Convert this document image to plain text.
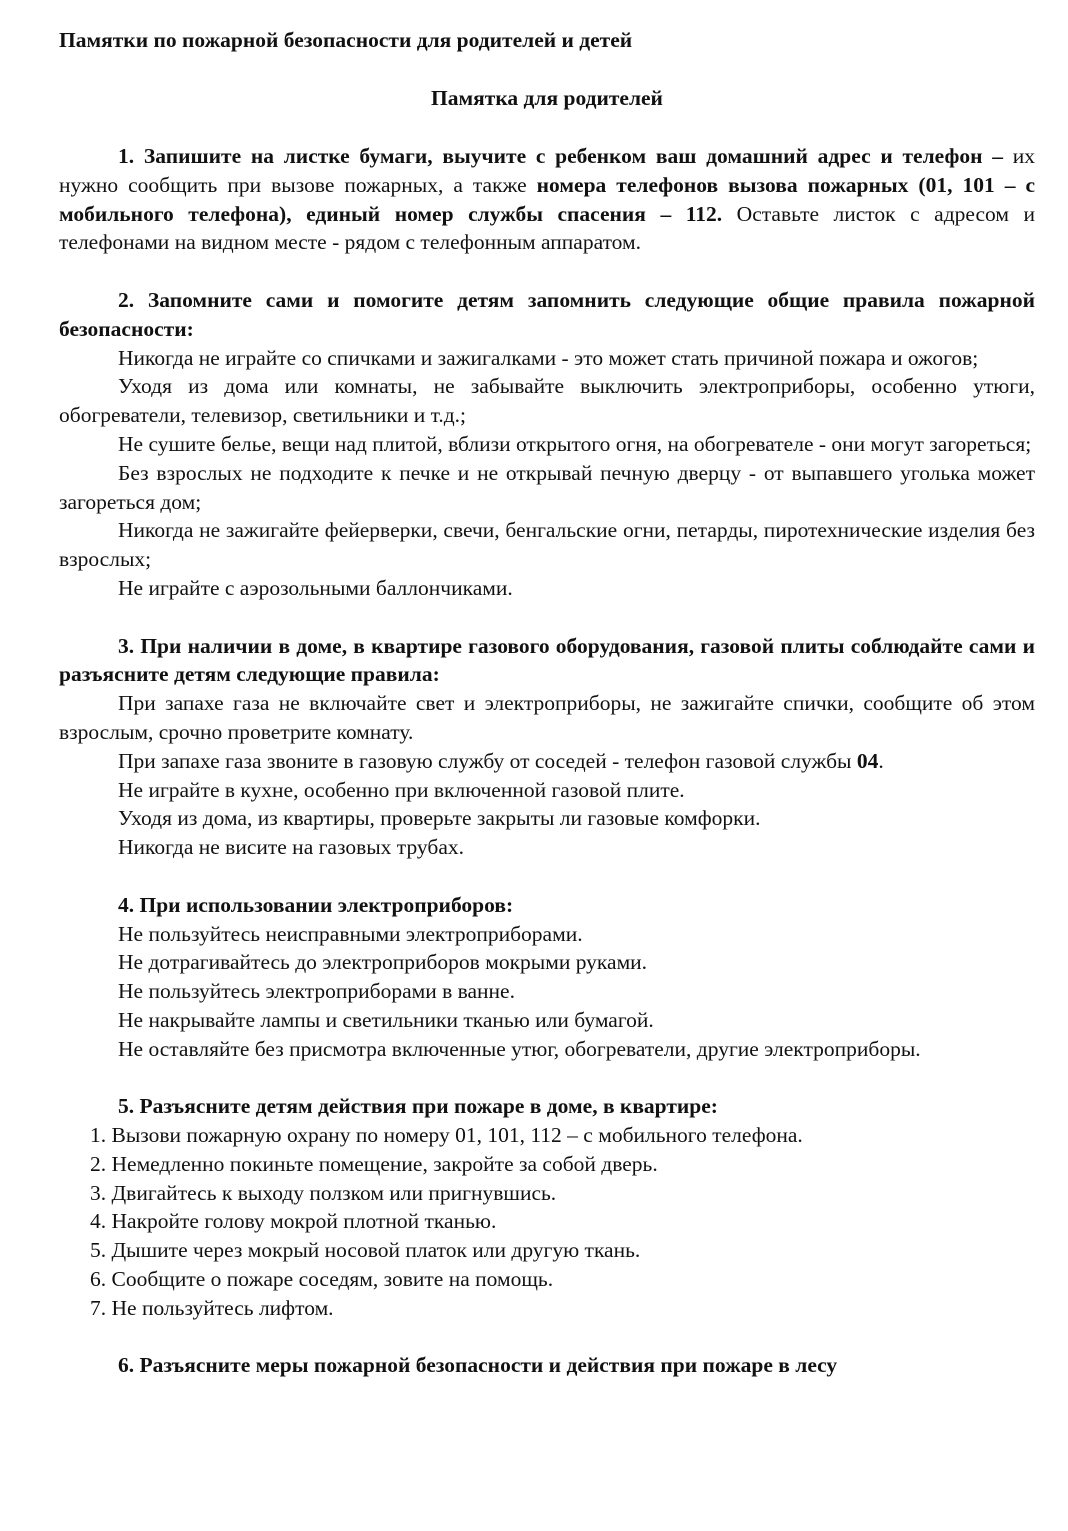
Памятки по пожарной безопасности для родителей и детей

Памятка для родителей

1. Запишите на листке бумаги, выучите с ребенком ваш домашний адрес и телефон – их нужно сообщить при вызове пожарных, а также номера телефонов вызова пожарных (01, 101 – с мобильного телефона), единый номер службы спасения – 112. Оставьте листок с адресом и телефонами на видном месте - рядом с телефонным аппаратом.

2. Запомните сами и помогите детям запомнить следующие общие правила пожарной безопасности:

Никогда не играйте со спичками и зажигалками - это может стать причиной пожара и ожогов;

Уходя из дома или комнаты, не забывайте выключить электроприборы, особенно утюги, обогреватели, телевизор, светильники и т.д.;

Не сушите белье, вещи над плитой, вблизи открытого огня, на обогревателе - они могут загореться;

Без взрослых не подходите к печке и не открывай печную дверцу - от выпавшего уголька может загореться дом;

Никогда не зажигайте фейерверки, свечи, бенгальские огни, петарды, пиротехнические изделия без взрослых;

Не играйте с аэрозольными баллончиками.

3. При наличии в доме, в квартире газового оборудования, газовой плиты соблюдайте сами и разъясните детям следующие правила:

При запахе газа не включайте свет и электроприборы, не зажигайте спички, сообщите об этом взрослым, срочно проветрите комнату.

При запахе газа звоните в газовую службу от соседей - телефон газовой службы 04.

Не играйте в кухне, особенно при включенной газовой плите.

Уходя из дома, из квартиры, проверьте закрыты ли газовые комфорки.

Никогда не висите на газовых трубах.

4. При использовании электроприборов:

Не пользуйтесь неисправными электроприборами.

Не дотрагивайтесь до электроприборов мокрыми руками.

Не пользуйтесь электроприборами в ванне.

Не накрывайте лампы и светильники тканью или бумагой.

Не оставляйте без присмотра включенные утюг, обогреватели, другие электроприборы.

5. Разъясните детям действия при пожаре в доме, в квартире:

1. Вызови пожарную охрану по номеру 01, 101, 112 – с мобильного телефона.

2. Немедленно покиньте помещение, закройте за собой дверь.

3. Двигайтесь к выходу ползком или пригнувшись.

4. Накройте голову мокрой плотной тканью.

5. Дышите через мокрый носовой платок или другую ткань.

6. Сообщите о пожаре соседям, зовите на помощь.

7. Не пользуйтесь лифтом.

6. Разъясните меры пожарной безопасности и действия при пожаре в лесу
